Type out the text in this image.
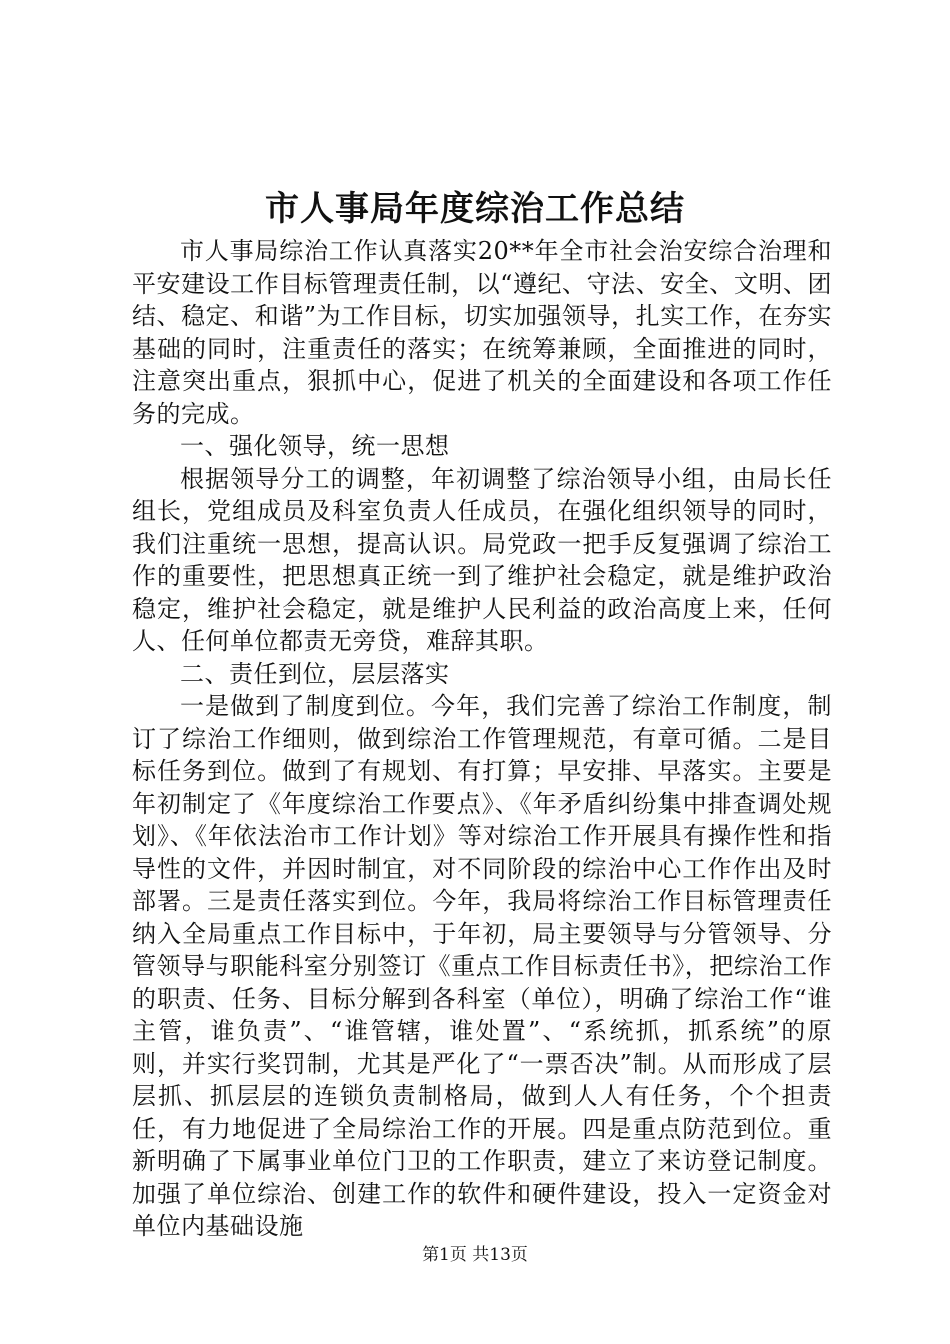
市人事局年度综治工作总结

市人事局综治工作认真落实20**年全市社会治安综合治理和平安建设工作目标管理责任制，以“遵纪、守法、安全、文明、团结、稳定、和谐”为工作目标，切实加强领导，扎实工作，在夯实基础的同时，注重责任的落实；在统筹兼顾，全面推进的同时，注意突出重点，狠抓中心，促进了机关的全面建设和各项工作任务的完成。

一、强化领导，统一思想

根据领导分工的调整，年初调整了综治领导小组，由局长任组长，党组成员及科室负责人任成员，在强化组织领导的同时，我们注重统一思想，提高认识。局党政一把手反复强调了综治工作的重要性，把思想真正统一到了维护社会稳定，就是维护政治稳定，维护社会稳定，就是维护人民利益的政治高度上来，任何人、任何单位都责无旁贷，难辞其职。

二、责任到位，层层落实

一是做到了制度到位。今年，我们完善了综治工作制度，制订了综治工作细则，做到综治工作管理规范，有章可循。二是目标任务到位。做到了有规划、有打算；早安排、早落实。主要是年初制定了《年度综治工作要点》、《年矛盾纠纷集中排查调处规划》、《年依法治市工作计划》等对综治工作开展具有操作性和指导性的文件，并因时制宜，对不同阶段的综治中心工作作出及时部署。三是责任落实到位。今年，我局将综治工作目标管理责任纳入全局重点工作目标中，于年初，局主要领导与分管领导、分管领导与职能科室分别签订《重点工作目标责任书》，把综治工作的职责、任务、目标分解到各科室（单位），明确了综治工作“谁主管，谁负责”、“谁管辖，谁处置”、“系统抓，抓系统”的原则，并实行奖罚制，尤其是严化了“一票否决”制。从而形成了层层抓、抓层层的连锁负责制格局，做到人人有任务，个个担责任，有力地促进了全局综治工作的开展。四是重点防范到位。重新明确了下属事业单位门卫的工作职责，建立了来访登记制度。加强了单位综治、创建工作的软件和硬件建设，投入一定资金对单位内基础设施

第1页 共13页
